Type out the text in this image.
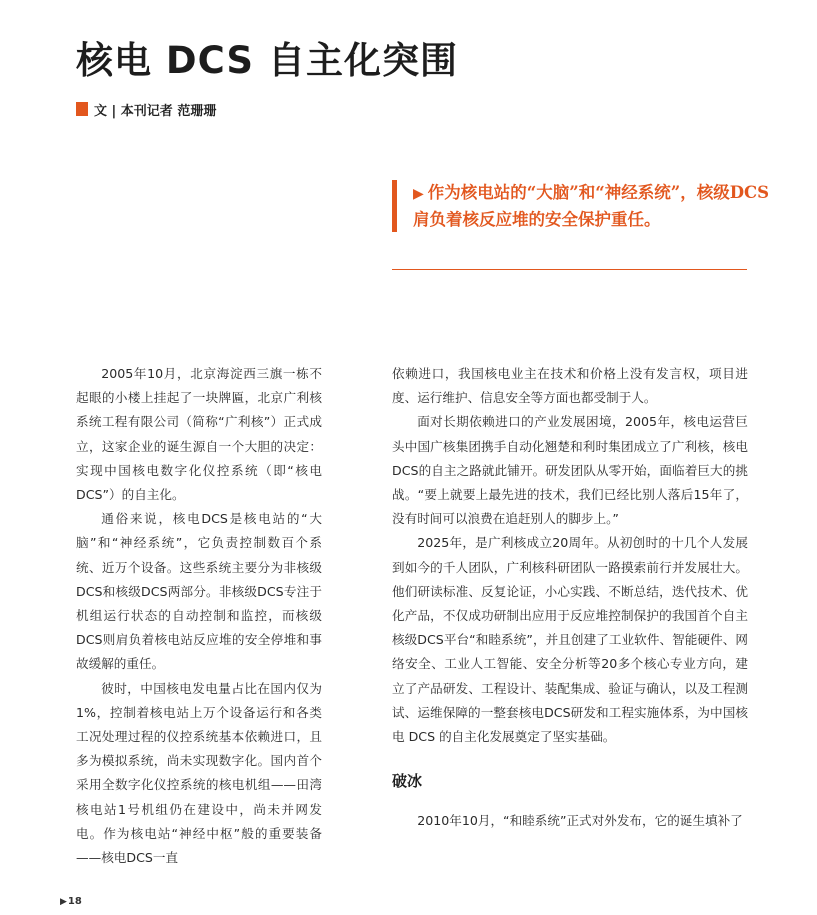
核电 DCS 自主化突围
文 | 本刊记者 范珊珊
▶ 作为核电站的“大脑”和“神经系统”，核级DCS肩负着核反应堆的安全保护重任。

2005年10月，北京海淀西三旗一栋不起眼的小楼上挂起了一块牌匾，北京广利核系统工程有限公司（简称“广利核”）正式成立，这家企业的诞生源自一个大胆的决定：实现中国核电数字化仪控系统（即“核电DCS”）的自主化。

通俗来说，核电DCS是核电站的“大脑”和“神经系统”，它负责控制数百个系统、近万个设备。这些系统主要分为非核级DCS和核级DCS两部分。非核级DCS专注于机组运行状态的自动控制和监控，而核级DCS则肩负着核电站反应堆的安全停堆和事故缓解的重任。

彼时，中国核电发电量占比在国内仅为1%，控制着核电站上万个设备运行和各类工况处理过程的仪控系统基本依赖进口，且多为模拟系统，尚未实现数字化。国内首个采用全数字化仪控系统的核电机组——田湾核电站1号机组仍在建设中，尚未并网发电。作为核电站“神经中枢”般的重要装备——核电DCS一直

依赖进口，我国核电业主在技术和价格上没有发言权，项目进度、运行维护、信息安全等方面也都受制于人。

面对长期依赖进口的产业发展困境，2005年，核电运营巨头中国广核集团携手自动化翘楚和利时集团成立了广利核，核电DCS的自主之路就此铺开。研发团队从零开始，面临着巨大的挑战。“要上就要上最先进的技术，我们已经比别人落后15年了，没有时间可以浪费在追赶别人的脚步上。”

2025年，是广利核成立20周年。从初创时的十几个人发展到如今的千人团队，广利核科研团队一路摸索前行并发展壮大。他们研读标准、反复论证，小心实践、不断总结，迭代技术、优化产品，不仅成功研制出应用于反应堆控制保护的我国首个自主核级DCS平台“和睦系统”，并且创建了工业软件、智能硬件、网络安全、工业人工智能、安全分析等20多个核心专业方向，建立了产品研发、工程设计、装配集成、验证与确认，以及工程测试、运维保障的一整套核电DCS研发和工程实施体系，为中国核电 DCS 的自主化发展奠定了坚实基础。

破冰

2010年10月，“和睦系统”正式对外发布，它的诞生填补了

▶ 18
